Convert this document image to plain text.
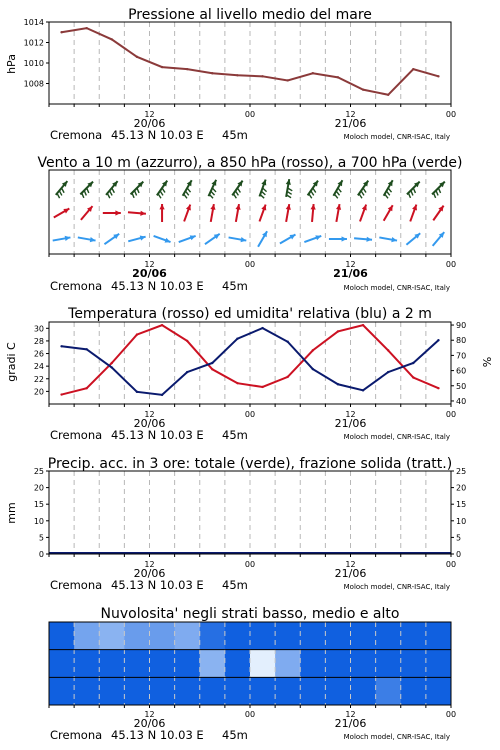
Pressione al livello medio del mare
hPa
12	00	12	00
20/06	21/06
Cremona 45.13 N 10.03 E 45m	Moloch model, CNR-ISAC, Italy
1008
1010
1012
1014
Vento a 10 m (azzurro), a 850 hPa (rosso), a 700 hPa (verde)
12	00	12	00
20/06	21/06
Cremona 45.13 N 10.03 E 45m	Moloch model, CNR-ISAC, Italy
Temperatura (rosso) ed umidita' relativa (blu) a 2 m
gradi C	%
12	00	12	00
20/06	21/06
Cremona 45.13 N 10.03 E 45m	Moloch model, CNR-ISAC, Italy
20
22
24
26
28
30
40
50
60
70
80
90
Precip. acc. in 3 ore: totale (verde), frazione solida (tratt.)
mm
12	00	12	00
20/06	21/06
Cremona 45.13 N 10.03 E 45m	Moloch model, CNR-ISAC, Italy
0
5
10
15
20
25
0
5
10
15
20
25
Nuvolosita' negli strati basso, medio e alto
12	00	12	00
20/06	21/06
Cremona 45.13 N 10.03 E 45m	Moloch model, CNR-ISAC, Italy
